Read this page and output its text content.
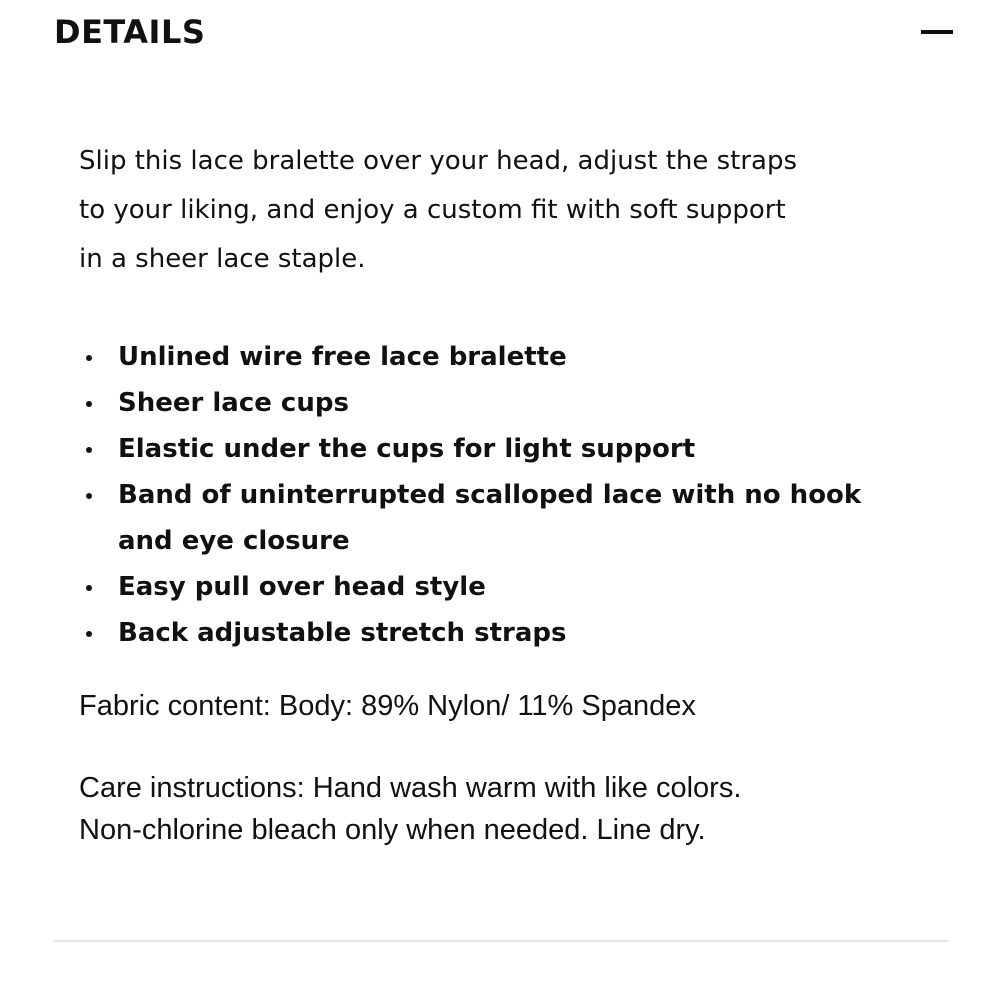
DETAILS

Slip this lace bralette over your head, adjust the straps
to your liking, and enjoy a custom fit with soft support
in a sheer lace staple.

Unlined wire free lace bralette
Sheer lace cups
Elastic under the cups for light support
Band of uninterrupted scalloped lace with no hook
and eye closure
Easy pull over head style
Back adjustable stretch straps

Fabric content: Body: 89% Nylon/ 11% Spandex

Care instructions: Hand wash warm with like colors.
Non-chlorine bleach only when needed. Line dry.
